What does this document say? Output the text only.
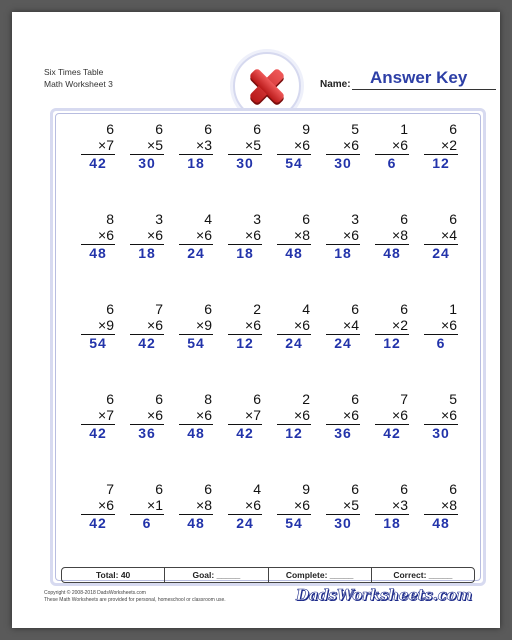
Six Times Table
Math Worksheet 3	Name: Answer Key
6
×7
42
6
×5
30
6
×3
18
6
×5
30
9
×6
54
5
×6
30
1
×6
6
6
×2
12
8
×6
48
3
×6
18
4
×6
24
3
×6
18
6
×8
48
3
×6
18
6
×8
48
6
×4
24
6
×9
54
7
×6
42
6
×9
54
2
×6
12
4
×6
24
6
×4
24
6
×2
12
1
×6
6
6
×7
42
6
×6
36
8
×6
48
6
×7
42
2
×6
12
6
×6
36
7
×6
42
5
×6
30
7
×6
42
6
×1
6
6
×8
48
4
×6
24
9
×6
54
6
×5
30
6
×3
18
6
×8
48
Total: 40	Goal: _____	Complete: _____	Correct: _____
Copyright © 2008-2018 DadsWorksheets.com
These Math Worksheets are provided for personal, homeschool or classroom use.	DadsWorksheets.com
